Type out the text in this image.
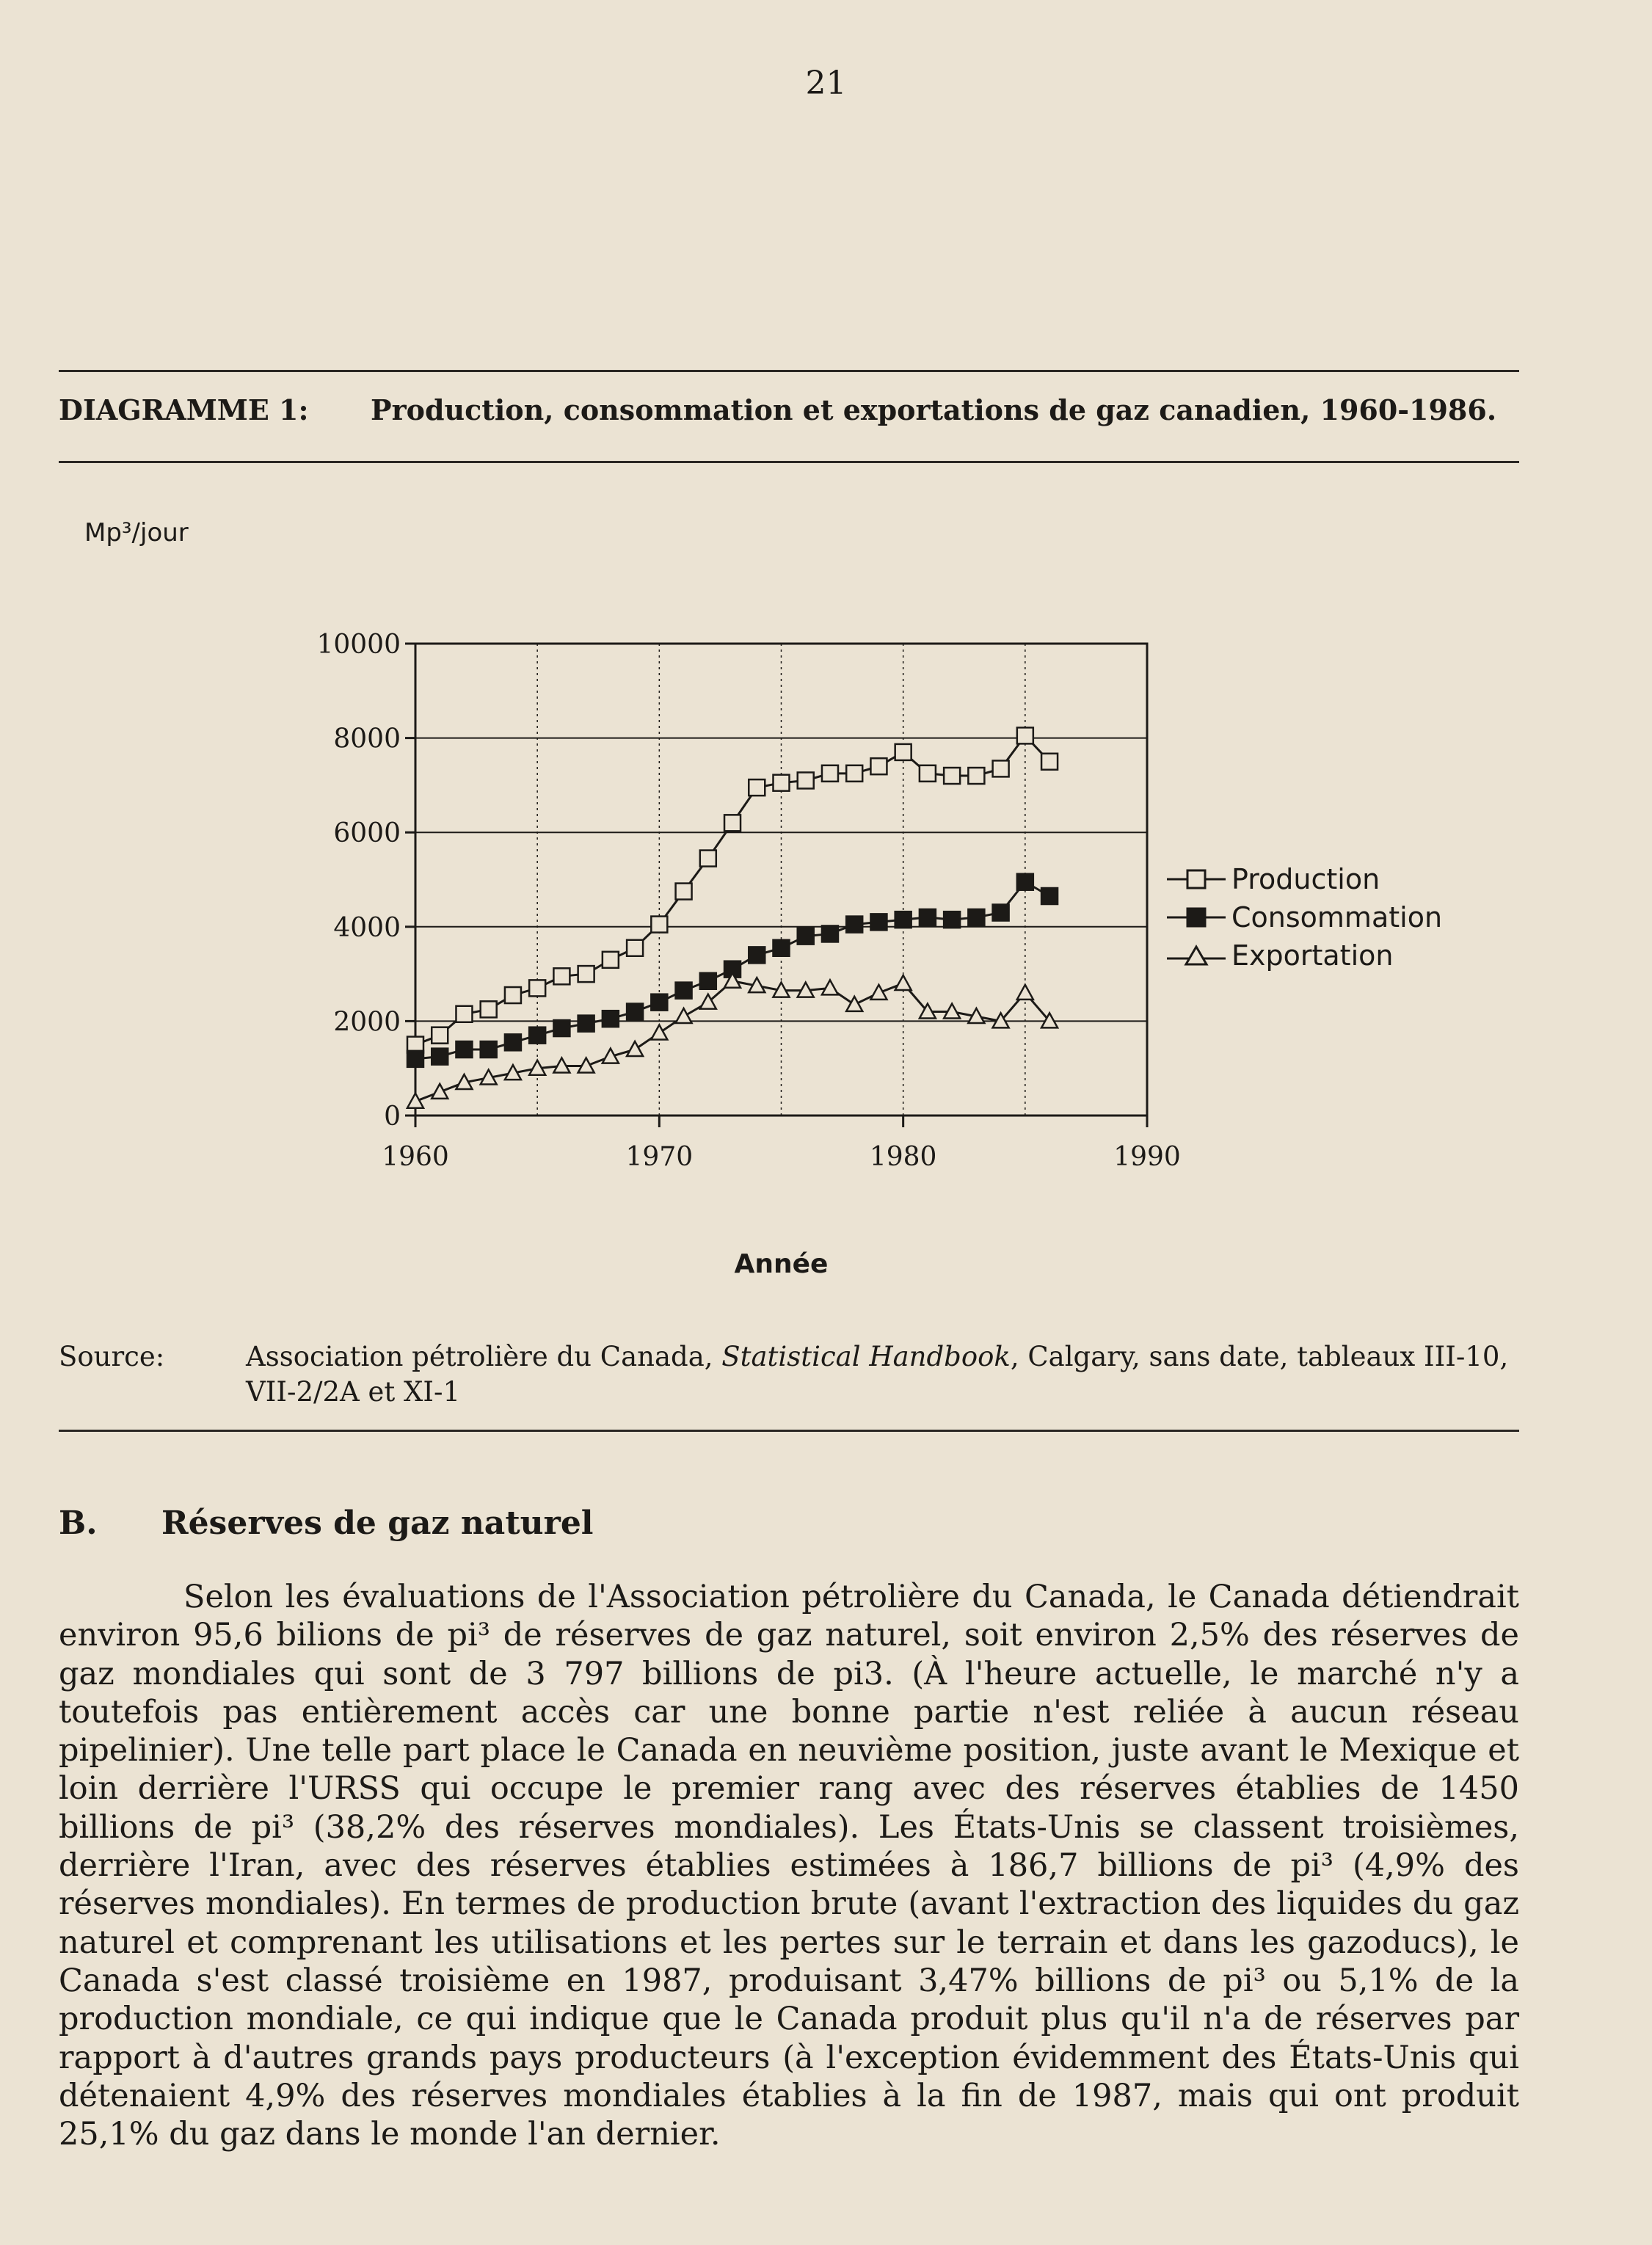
21
DIAGRAMME 1: Production, consommation et exportations de gaz canadien, 1960-1986.
Mp³/jour
0
2000
4000
6000
8000
10000
1960	1970	1980	1990
Année
Production
Consommation
Exportation
Source:	Association pétrolière du Canada, Statistical Handbook, Calgary, sans date, tableaux III-10, VII-2/2A et XI-1
B. Réserves de gaz naturel

Selon les évaluations de l'Association pétrolière du Canada, le Canada détiendrait environ 95,6 bilions de pi³ de réserves de gaz naturel, soit environ 2,5% des réserves de gaz mondiales qui sont de 3 797 billions de pi3. (À l'heure actuelle, le marché n'y a toutefois pas entièrement accès car une bonne partie n'est reliée à aucun réseau pipelinier). Une telle part place le Canada en neuvième position, juste avant le Mexique et loin derrière l'URSS qui occupe le premier rang avec des réserves établies de 1450 billions de pi³ (38,2% des réserves mondiales). Les États-Unis se classent troisièmes, derrière l'Iran, avec des réserves établies estimées à 186,7 billions de pi³ (4,9% des réserves mondiales). En termes de production brute (avant l'extraction des liquides du gaz naturel et comprenant les utilisations et les pertes sur le terrain et dans les gazoducs), le Canada s'est classé troisième en 1987, produisant 3,47% billions de pi³ ou 5,1% de la production mondiale, ce qui indique que le Canada produit plus qu'il n'a de réserves par rapport à d'autres grands pays producteurs (à l'exception évidemment des États-Unis qui détenaient 4,9% des réserves mondiales établies à la fin de 1987, mais qui ont produit 25,1% du gaz dans le monde l'an dernier.
